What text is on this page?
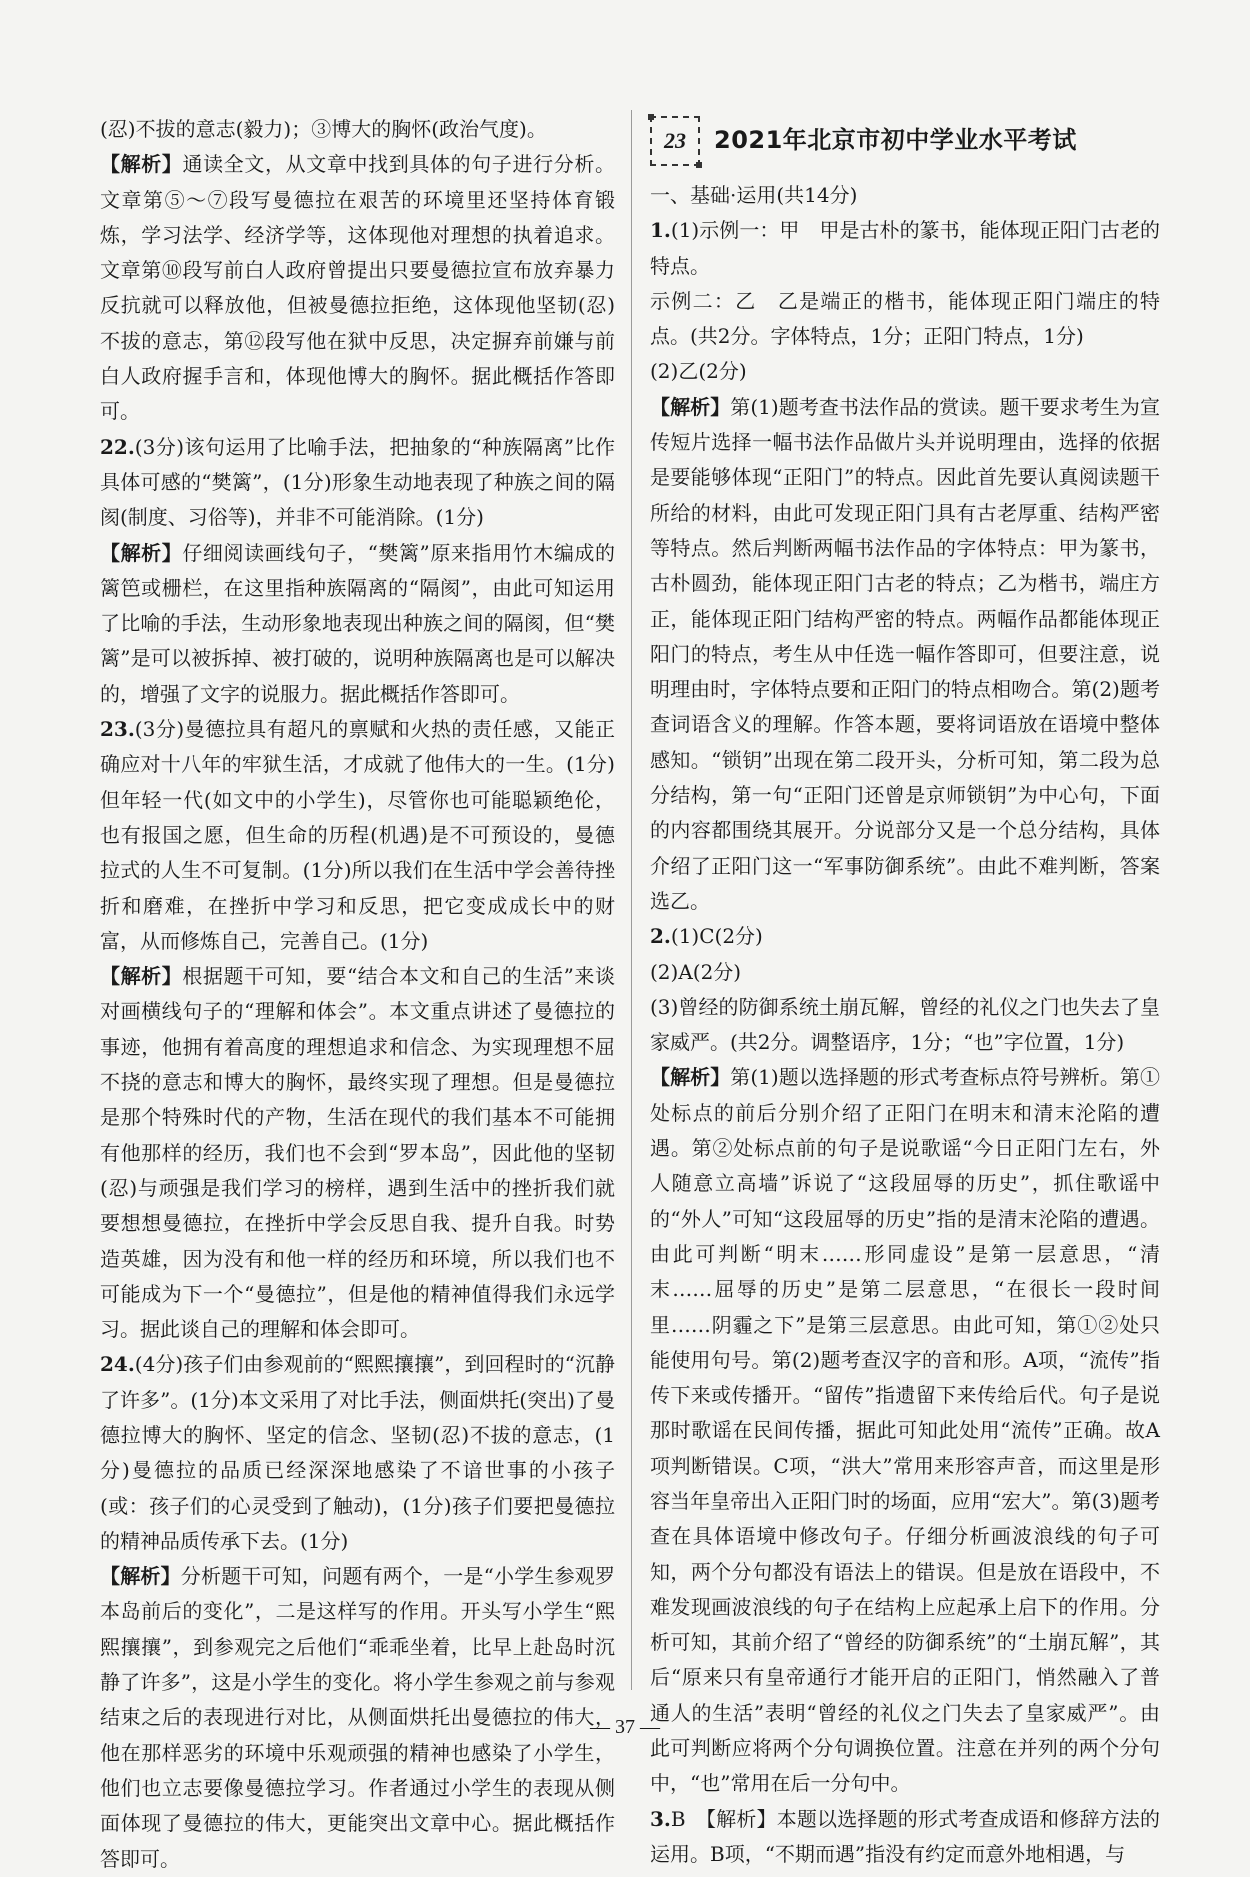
(忍)不拔的意志(毅力)；③博大的胸怀(政治气度)。

【解析】通读全文，从文章中找到具体的句子进行分析。文章第⑤～⑦段写曼德拉在艰苦的环境里还坚持体育锻炼，学习法学、经济学等，这体现他对理想的执着追求。文章第⑩段写前白人政府曾提出只要曼德拉宣布放弃暴力反抗就可以释放他，但被曼德拉拒绝，这体现他坚韧(忍)不拔的意志，第⑫段写他在狱中反思，决定摒弃前嫌与前白人政府握手言和，体现他博大的胸怀。据此概括作答即可。

22.(3分)该句运用了比喻手法，把抽象的“种族隔离”比作具体可感的“樊篱”，(1分)形象生动地表现了种族之间的隔阂(制度、习俗等)，并非不可能消除。(1分)

【解析】仔细阅读画线句子，“樊篱”原来指用竹木编成的篱笆或栅栏，在这里指种族隔离的“隔阂”，由此可知运用了比喻的手法，生动形象地表现出种族之间的隔阂，但“樊篱”是可以被拆掉、被打破的，说明种族隔离也是可以解决的，增强了文字的说服力。据此概括作答即可。

23.(3分)曼德拉具有超凡的禀赋和火热的责任感，又能正确应对十八年的牢狱生活，才成就了他伟大的一生。(1分)但年轻一代(如文中的小学生)，尽管你也可能聪颖绝伦，也有报国之愿，但生命的历程(机遇)是不可预设的，曼德拉式的人生不可复制。(1分)所以我们在生活中学会善待挫折和磨难，在挫折中学习和反思，把它变成成长中的财富，从而修炼自己，完善自己。(1分)

【解析】根据题干可知，要“结合本文和自己的生活”来谈对画横线句子的“理解和体会”。本文重点讲述了曼德拉的事迹，他拥有着高度的理想追求和信念、为实现理想不屈不挠的意志和博大的胸怀，最终实现了理想。但是曼德拉是那个特殊时代的产物，生活在现代的我们基本不可能拥有他那样的经历，我们也不会到“罗本岛”，因此他的坚韧(忍)与顽强是我们学习的榜样，遇到生活中的挫折我们就要想想曼德拉，在挫折中学会反思自我、提升自我。时势造英雄，因为没有和他一样的经历和环境，所以我们也不可能成为下一个“曼德拉”，但是他的精神值得我们永远学习。据此谈自己的理解和体会即可。

24.(4分)孩子们由参观前的“熙熙攘攘”，到回程时的“沉静了许多”。(1分)本文采用了对比手法，侧面烘托(突出)了曼德拉博大的胸怀、坚定的信念、坚韧(忍)不拔的意志，(1分)曼德拉的品质已经深深地感染了不谙世事的小孩子(或：孩子们的心灵受到了触动)，(1分)孩子们要把曼德拉的精神品质传承下去。(1分)

【解析】分析题干可知，问题有两个，一是“小学生参观罗本岛前后的变化”，二是这样写的作用。开头写小学生“熙熙攘攘”，到参观完之后他们“乖乖坐着，比早上赴岛时沉静了许多”，这是小学生的变化。将小学生参观之前与参观结束之后的表现进行对比，从侧面烘托出曼德拉的伟大，他在那样恶劣的环境中乐观顽强的精神也感染了小学生，他们也立志要像曼德拉学习。作者通过小学生的表现从侧面体现了曼德拉的伟大，更能突出文章中心。据此概括作答即可。

23 2021年北京市初中学业水平考试

一、基础·运用(共14分)

1.(1)示例一：甲　甲是古朴的篆书，能体现正阳门古老的特点。

示例二：乙　乙是端正的楷书，能体现正阳门端庄的特点。(共2分。字体特点，1分；正阳门特点，1分)

(2)乙(2分)

【解析】第(1)题考查书法作品的赏读。题干要求考生为宣传短片选择一幅书法作品做片头并说明理由，选择的依据是要能够体现“正阳门”的特点。因此首先要认真阅读题干所给的材料，由此可发现正阳门具有古老厚重、结构严密等特点。然后判断两幅书法作品的字体特点：甲为篆书，古朴圆劲，能体现正阳门古老的特点；乙为楷书，端庄方正，能体现正阳门结构严密的特点。两幅作品都能体现正阳门的特点，考生从中任选一幅作答即可，但要注意，说明理由时，字体特点要和正阳门的特点相吻合。第(2)题考查词语含义的理解。作答本题，要将词语放在语境中整体感知。“锁钥”出现在第二段开头，分析可知，第二段为总分结构，第一句“正阳门还曾是京师锁钥”为中心句，下面的内容都围绕其展开。分说部分又是一个总分结构，具体介绍了正阳门这一“军事防御系统”。由此不难判断，答案选乙。

2.(1)C(2分)

(2)A(2分)

(3)曾经的防御系统土崩瓦解，曾经的礼仪之门也失去了皇家威严。(共2分。调整语序，1分；“也”字位置，1分)

【解析】第(1)题以选择题的形式考查标点符号辨析。第①处标点的前后分别介绍了正阳门在明末和清末沦陷的遭遇。第②处标点前的句子是说歌谣“今日正阳门左右，外人随意立高墙”诉说了“这段屈辱的历史”，抓住歌谣中的“外人”可知“这段屈辱的历史”指的是清末沦陷的遭遇。由此可判断“明末……形同虚设”是第一层意思，“清末……屈辱的历史”是第二层意思，“在很长一段时间里……阴霾之下”是第三层意思。由此可知，第①②处只能使用句号。第(2)题考查汉字的音和形。A项，“流传”指传下来或传播开。“留传”指遗留下来传给后代。句子是说那时歌谣在民间传播，据此可知此处用“流传”正确。故A项判断错误。C项，“洪大”常用来形容声音，而这里是形容当年皇帝出入正阳门时的场面，应用“宏大”。第(3)题考查在具体语境中修改句子。仔细分析画波浪线的句子可知，两个分句都没有语法上的错误。但是放在语段中，不难发现画波浪线的句子在结构上应起承上启下的作用。分析可知，其前介绍了“曾经的防御系统”的“土崩瓦解”，其后“原来只有皇帝通行才能开启的正阳门，悄然融入了普通人的生活”表明“曾经的礼仪之门失去了皇家威严”。由此可判断应将两个分句调换位置。注意在并列的两个分句中，“也”常用在后一分句中。

3.B　【解析】本题以选择题的形式考查成语和修辞方法的运用。B项，“不期而遇”指没有约定而意外地相遇，与

— 37 —
